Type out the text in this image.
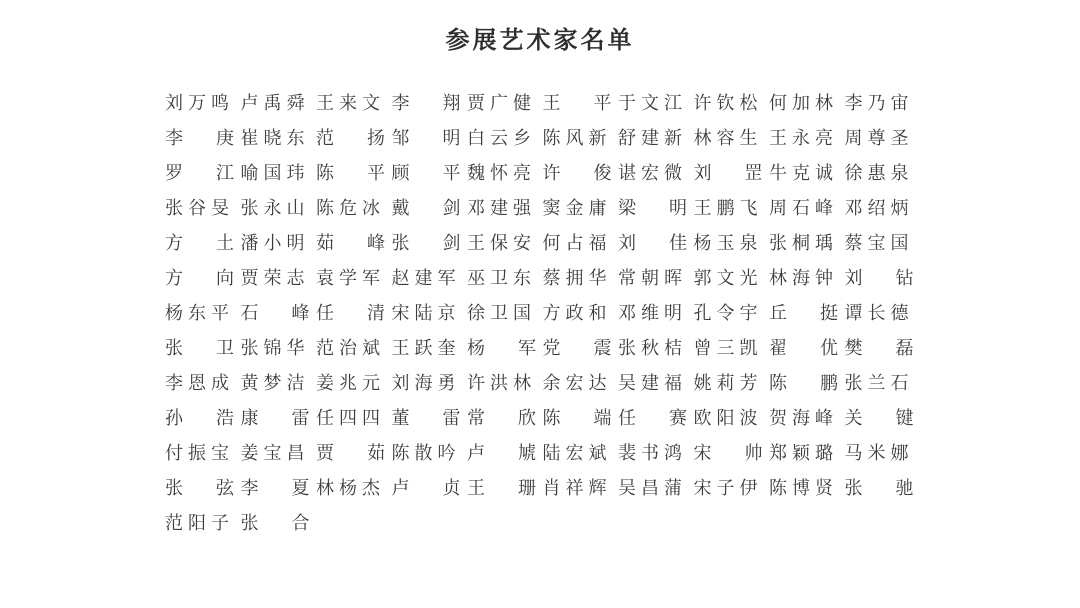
参展艺术家名单
刘 万 鸣 卢 禹 舜 王 来 文 李 翔 贾 广 健 王 平 于 文 江 许 钦 松 何 加 林 李 乃 宙
李 庚 崔 晓 东 范 扬 邹 明 白 云 乡 陈 风 新 舒 建 新 林 容 生 王 永 亮 周 尊 圣
罗 江 喻 国 玮 陈 平 顾 平 魏 怀 亮 许 俊 谌 宏 微 刘 罡 牛 克 诚 徐 惠 泉
张 谷 旻 张 永 山 陈 危 冰 戴 剑 邓 建 强 窦 金 庸 梁 明 王 鹏 飞 周 石 峰 邓 绍 炳
方 土 潘 小 明 茹 峰 张 剑 王 保 安 何 占 福 刘 佳 杨 玉 泉 张 桐 瑀 蔡 宝 国
方 向 贾 荣 志 袁 学 军 赵 建 军 巫 卫 东 蔡 拥 华 常 朝 晖 郭 文 光 林 海 钟 刘 钻
杨 东 平 石 峰 任 清 宋 陆 京 徐 卫 国 方 政 和 邓 维 明 孔 令 宇 丘 挺 谭 长 德
张 卫 张 锦 华 范 治 斌 王 跃 奎 杨 军 党 震 张 秋 桔 曾 三 凯 翟 优 樊 磊
李 恩 成 黄 梦 洁 姜 兆 元 刘 海 勇 许 洪 林 余 宏 达 吴 建 福 姚 莉 芳 陈 鹏 张 兰 石
孙 浩 康 雷 任 四 四 董 雷 常 欣 陈 端 任 赛 欧 阳 波 贺 海 峰 关 键
付 振 宝 姜 宝 昌 贾 茹 陈 散 吟 卢 虓 陆 宏 斌 裴 书 鸿 宋 帅 郑 颖 璐 马 米 娜
张 弦 李 夏 林 杨 杰 卢 贞 王 珊 肖 祥 辉 吴 昌 蒲 宋 子 伊 陈 博 贤 张 驰
范 阳 子 张 合
